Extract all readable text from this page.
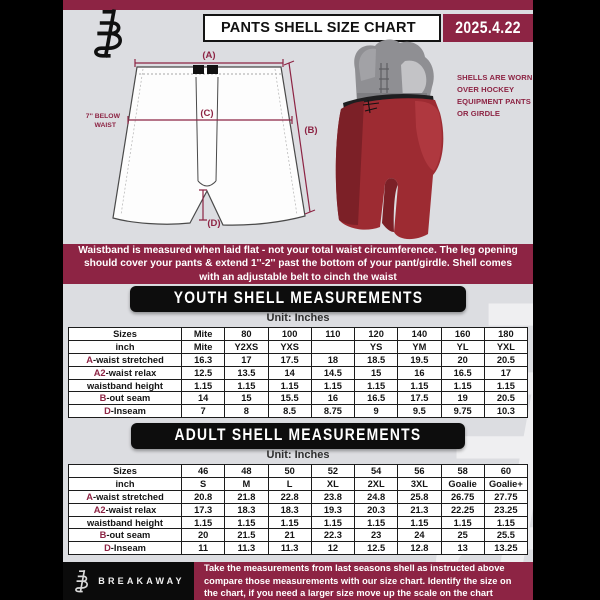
PANTS SHELL SIZE CHART 2025.4.22
(A)
(C)
7'' BELOW
WAIST	(B)
(D)
SHELLS ARE WORN OVER HOCKEY EQUIPMENT PANTS OR GIRDLE
Waistband is measured when laid flat - not your total waist circumference. The leg opening should cover your pants & extend 1''-2'' past the bottom of your pant/girdle. Shell comes with an adjustable belt to cinch the waist
YOUTH SHELL MEASUREMENTS
Unit: Inches
Sizes	Mite	80	100	110	120	140	160	180
inch	Mite	Y2XS	YXS		YS	YM	YL	YXL
A-waist stretched	16.3	17	17.5	18	18.5	19.5	20	20.5
A2-waist relax	12.5	13.5	14	14.5	15	16	16.5	17
waistband height	1.15	1.15	1.15	1.15	1.15	1.15	1.15	1.15
B-out seam	14	15	15.5	16	16.5	17.5	19	20.5
D-Inseam	7	8	8.5	8.75	9	9.5	9.75	10.3
ADULT SHELL MEASUREMENTS
Unit: Inches
Sizes	46	48	50	52	54	56	58	60
inch	S	M	L	XL	2XL	3XL	Goalie	Goalie+
A-waist stretched	20.8	21.8	22.8	23.8	24.8	25.8	26.75	27.75
A2-waist relax	17.3	18.3	18.3	19.3	20.3	21.3	22.25	23.25
waistband height	1.15	1.15	1.15	1.15	1.15	1.15	1.15	1.15
B-out seam	20	21.5	21	22.3	23	24	25	25.5
D-Inseam	11	11.3	11.3	12	12.5	12.8	13	13.25
BREAKAWAY
Take the measurements from last seasons shell as instructed above compare those measurements with our size chart. Identify the size on the chart, if you need a larger size move up the scale on the chart
